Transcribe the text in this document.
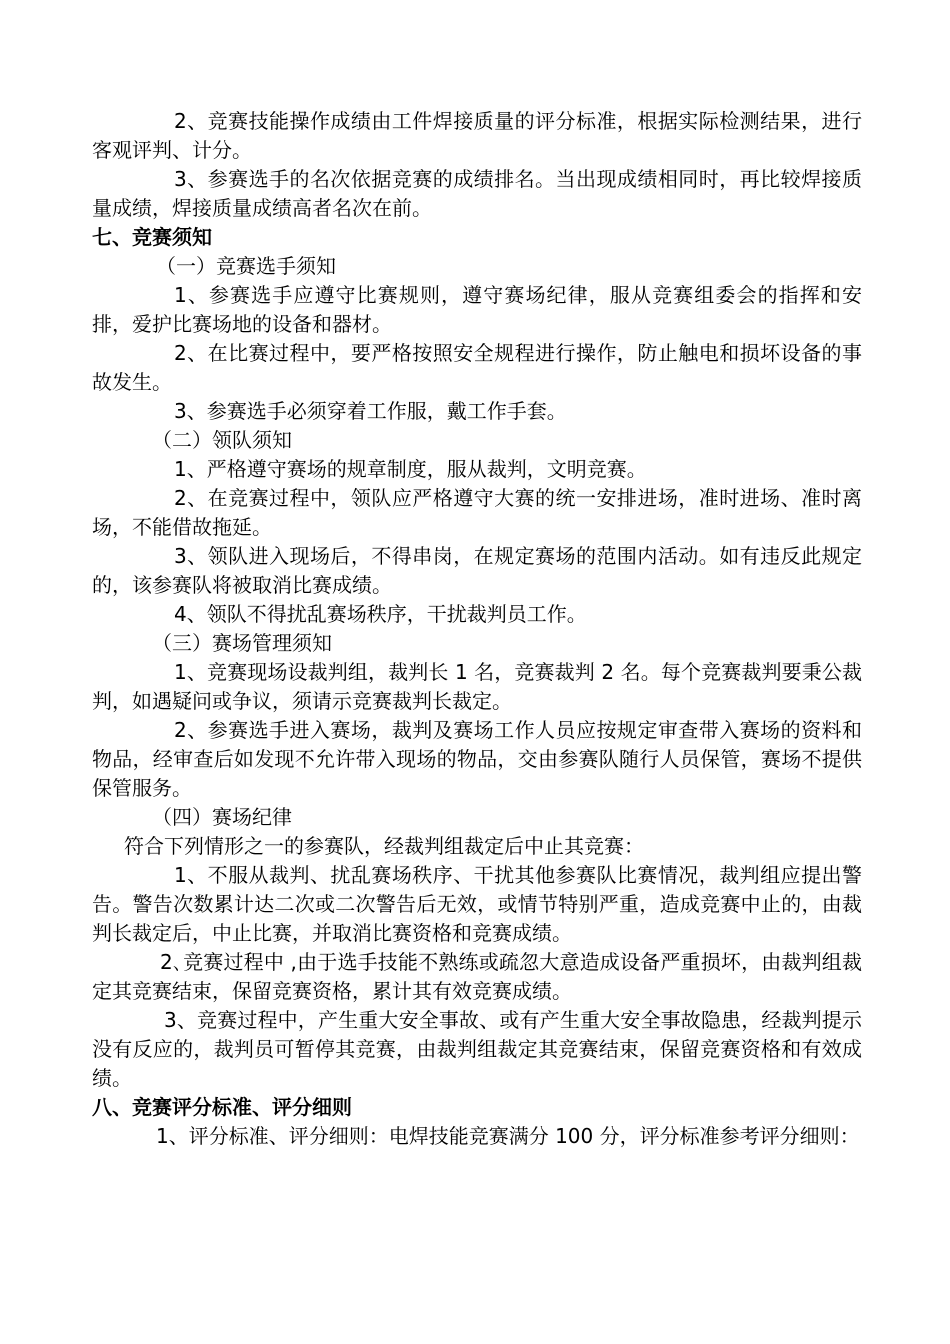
2、竞赛技能操作成绩由工件焊接质量的评分标准，根据实际检测结果，进行客观评判、计分。

3、参赛选手的名次依据竞赛的成绩排名。当出现成绩相同时，再比较焊接质量成绩，焊接质量成绩高者名次在前。

七、竞赛须知

（一）竞赛选手须知

1、参赛选手应遵守比赛规则，遵守赛场纪律，服从竞赛组委会的指挥和安排，爱护比赛场地的设备和器材。

2、在比赛过程中，要严格按照安全规程进行操作，防止触电和损坏设备的事故发生。

3、参赛选手必须穿着工作服，戴工作手套。

（二）领队须知

1、严格遵守赛场的规章制度，服从裁判，文明竞赛。

2、在竞赛过程中，领队应严格遵守大赛的统一安排进场，准时进场、准时离场，不能借故拖延。

3、领队进入现场后，不得串岗，在规定赛场的范围内活动。如有违反此规定的，该参赛队将被取消比赛成绩。

4、领队不得扰乱赛场秩序，干扰裁判员工作。

（三）赛场管理须知

1、竞赛现场设裁判组，裁判长 1 名，竞赛裁判 2 名。每个竞赛裁判要秉公裁判，如遇疑问或争议，须请示竞赛裁判长裁定。

2、参赛选手进入赛场，裁判及赛场工作人员应按规定审查带入赛场的资料和物品，经审查后如发现不允许带入现场的物品，交由参赛队随行人员保管，赛场不提供保管服务。

（四）赛场纪律

符合下列情形之一的参赛队，经裁判组裁定后中止其竞赛：

1、不服从裁判、扰乱赛场秩序、干扰其他参赛队比赛情况，裁判组应提出警告。警告次数累计达二次或二次警告后无效，或情节特别严重，造成竞赛中止的，由裁判长裁定后，中止比赛，并取消比赛资格和竞赛成绩。

2､竞赛过程中 ,由于选手技能不熟练或疏忽大意造成设备严重损坏，由裁判组裁定其竞赛结束，保留竞赛资格，累计其有效竞赛成绩。

3、竞赛过程中，产生重大安全事故、或有产生重大安全事故隐患，经裁判提示没有反应的，裁判员可暂停其竞赛，由裁判组裁定其竞赛结束，保留竞赛资格和有效成绩。

八、竞赛评分标准、评分细则

1、评分标准、评分细则：电焊技能竞赛满分 100 分，评分标准参考评分细则：
